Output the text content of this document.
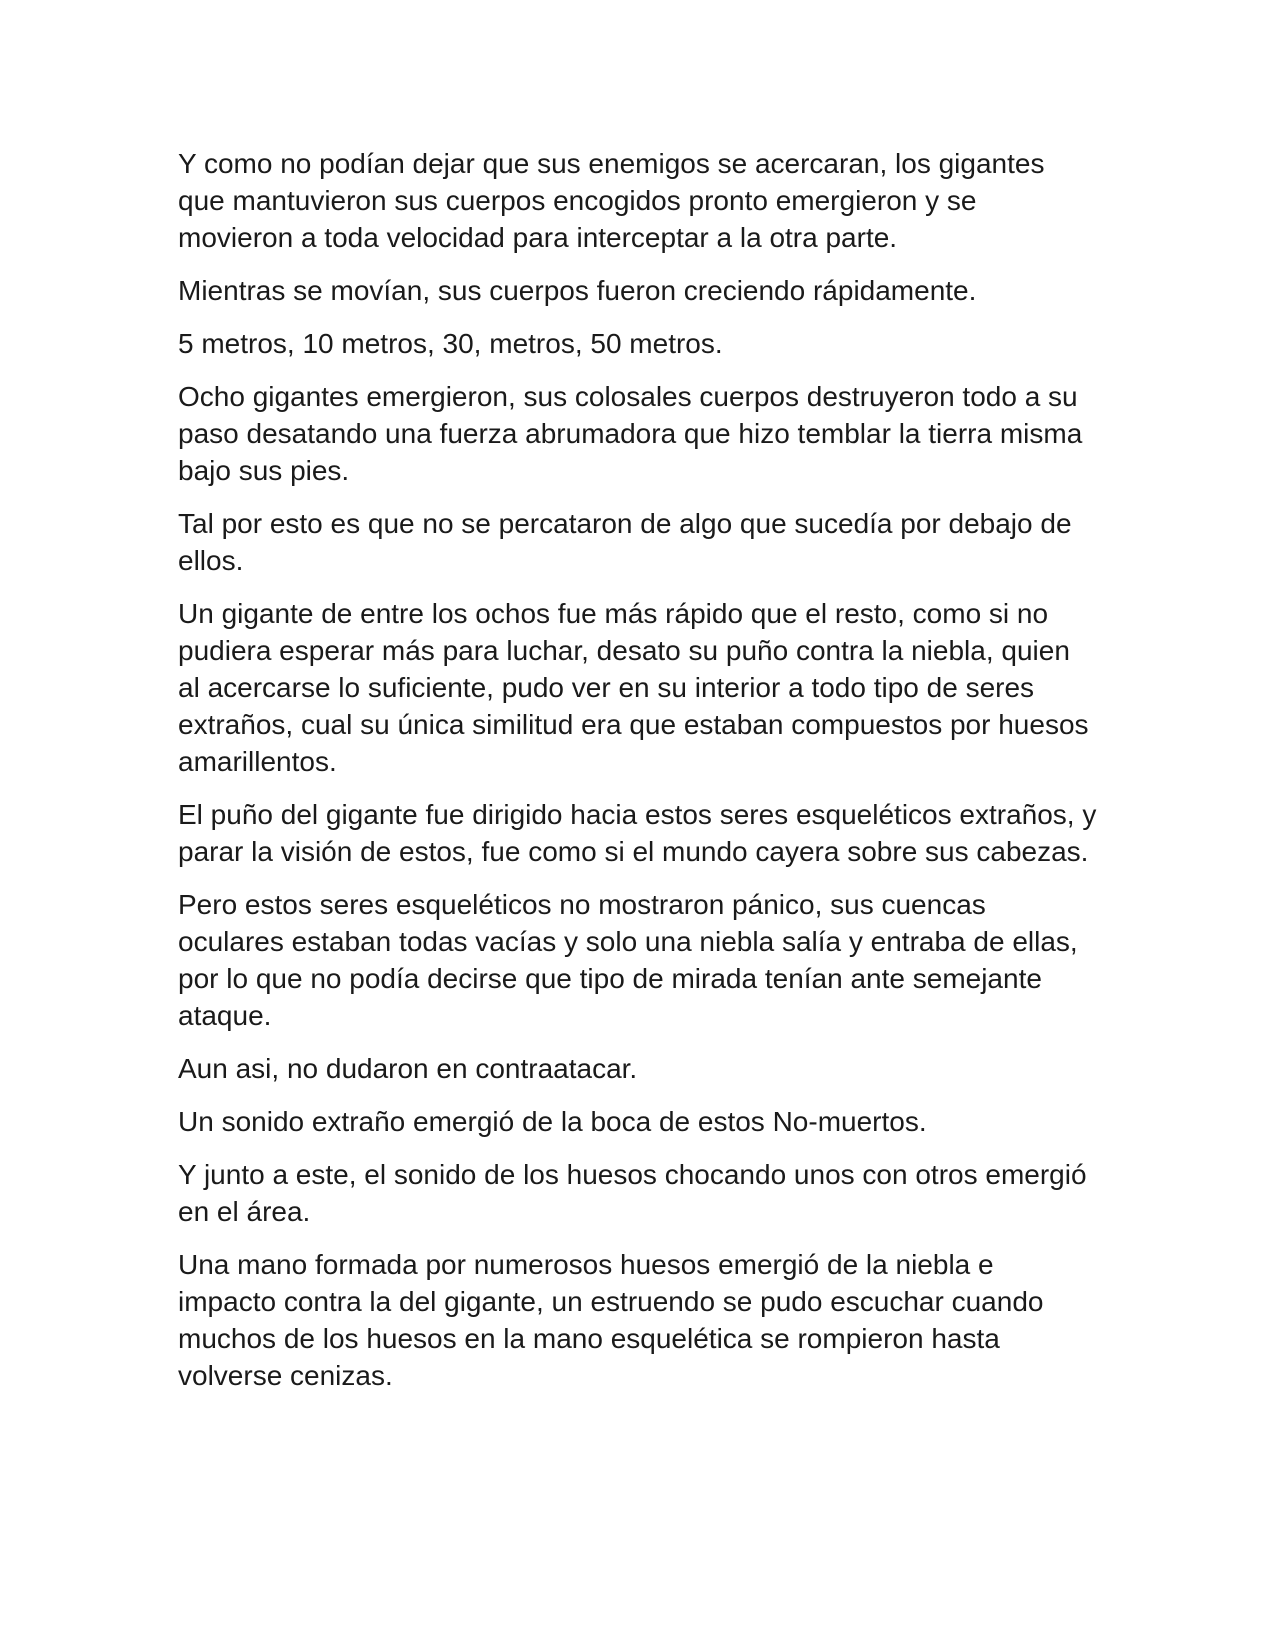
Y como no podían dejar que sus enemigos se acercaran, los gigantes que mantuvieron sus cuerpos encogidos pronto emergieron y se movieron a toda velocidad para interceptar a la otra parte.

Mientras se movían, sus cuerpos fueron creciendo rápidamente.

5 metros, 10 metros, 30, metros, 50 metros.

Ocho gigantes emergieron, sus colosales cuerpos destruyeron todo a su paso desatando una fuerza abrumadora que hizo temblar la tierra misma bajo sus pies.

Tal por esto es que no se percataron de algo que sucedía por debajo de ellos.

Un gigante de entre los ochos fue más rápido que el resto, como si no pudiera esperar más para luchar, desato su puño contra la niebla, quien al acercarse lo suficiente, pudo ver en su interior a todo tipo de seres extraños, cual su única similitud era que estaban compuestos por huesos amarillentos.

El puño del gigante fue dirigido hacia estos seres esqueléticos extraños, y parar la visión de estos, fue como si el mundo cayera sobre sus cabezas.

Pero estos seres esqueléticos no mostraron pánico, sus cuencas oculares estaban todas vacías y solo una niebla salía y entraba de ellas, por lo que no podía decirse que tipo de mirada tenían ante semejante ataque.

Aun asi, no dudaron en contraatacar.

Un sonido extraño emergió de la boca de estos No-muertos.

Y junto a este, el sonido de los huesos chocando unos con otros emergió en el área.

Una mano formada por numerosos huesos emergió de la niebla e impacto contra la del gigante, un estruendo se pudo escuchar cuando muchos de los huesos en la mano esquelética se rompieron hasta volverse cenizas.
